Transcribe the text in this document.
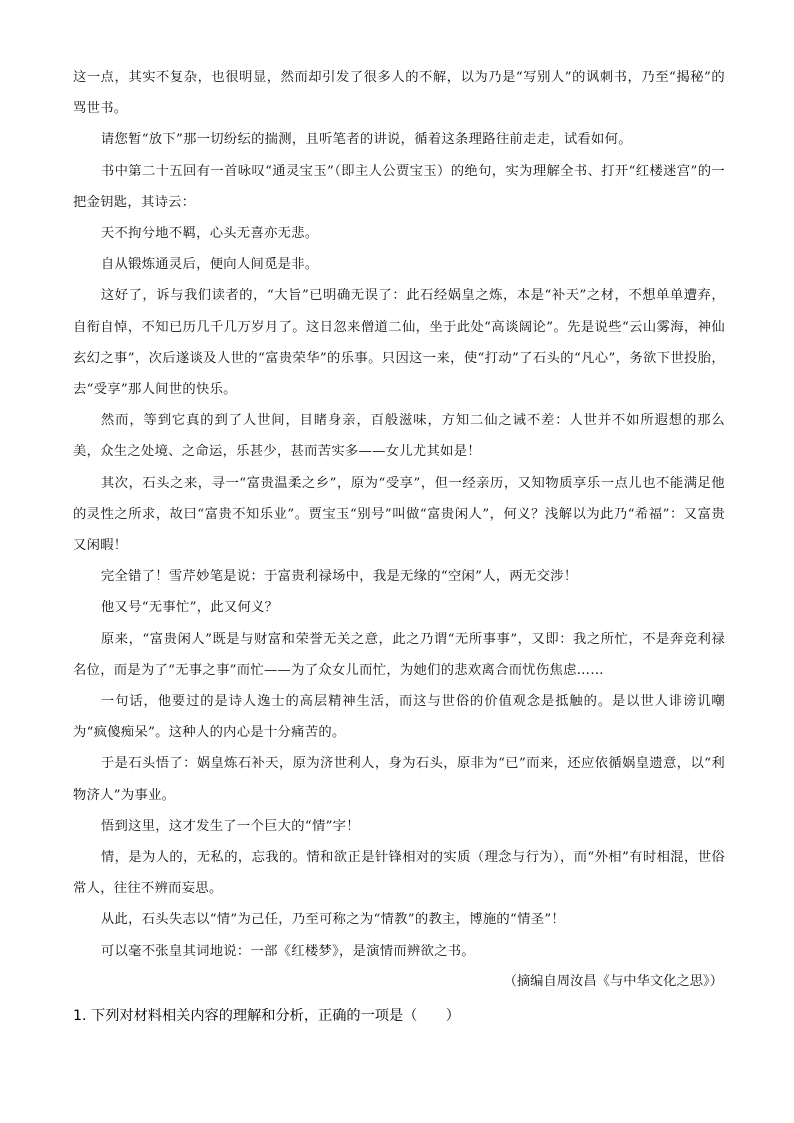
这一点，其实不复杂，也很明显，然而却引发了很多人的不解，以为乃是“写别人”的讽刺书，乃至“揭秘”的骂世书。

请您暂“放下”那一切纷纭的揣测，且听笔者的讲说，循着这条理路往前走走，试看如何。

书中第二十五回有一首咏叹“通灵宝玉”（即主人公贾宝玉）的绝句，实为理解全书、打开“红楼迷宫”的一把金钥匙，其诗云：

天不拘兮地不羁，心头无喜亦无悲。

自从锻炼通灵后，便向人间觅是非。

这好了，诉与我们读者的，“大旨”已明确无误了：此石经娲皇之炼，本是“补天”之材，不想单单遭弃，自衔自悼，不知已历几千几万岁月了。这日忽来僧道二仙，坐于此处“高谈阔论”。先是说些“云山雾海，神仙玄幻之事”，次后遂谈及人世的“富贵荣华”的乐事。只因这一来，使“打动”了石头的“凡心”，务欲下世投胎，去“受享”那人间世的快乐。

然而，等到它真的到了人世间，目睹身亲，百般滋味，方知二仙之诫不差：人世并不如所遐想的那么美，众生之处境、之命运，乐甚少，甚而苦实多——女儿尤其如是！

其次，石头之来，寻一“富贵温柔之乡”，原为“受享”，但一经亲历，又知物质享乐一点儿也不能满足他的灵性之所求，故曰“富贵不知乐业”。贾宝玉“别号”叫做“富贵闲人”，何义？浅解以为此乃“希福”：又富贵又闲暇！

完全错了！雪芹妙笔是说：于富贵利禄场中，我是无缘的“空闲”人，两无交涉！

他又号“无事忙”，此又何义？

原来，“富贵闲人”既是与财富和荣誉无关之意，此之乃谓“无所事事”，又即：我之所忙，不是奔竞利禄名位，而是为了“无事之事”而忙——为了众女儿而忙，为她们的悲欢离合而忧伤焦虑……

一句话，他要过的是诗人逸士的高层精神生活，而这与世俗的价值观念是抵触的。是以世人诽谤讥嘲为“疯傻痴呆”。这种人的内心是十分痛苦的。

于是石头悟了：娲皇炼石补天，原为济世利人，身为石头，原非为“已”而来，还应依循娲皇遗意，以“利物济人”为事业。

悟到这里，这才发生了一个巨大的“情”字！

情，是为人的，无私的，忘我的。情和欲正是针锋相对的实质（理念与行为），而“外相”有时相混，世俗常人，往往不辨而妄思。

从此，石头失志以“情”为己任，乃至可称之为“情教”的教主，博施的“情圣”！

可以毫不张皇其词地说：一部《红楼梦》，是演情而辨欲之书。

（摘编自周汝昌《与中华文化之思》）

1. 下列对材料相关内容的理解和分析，正确的一项是（　　）
